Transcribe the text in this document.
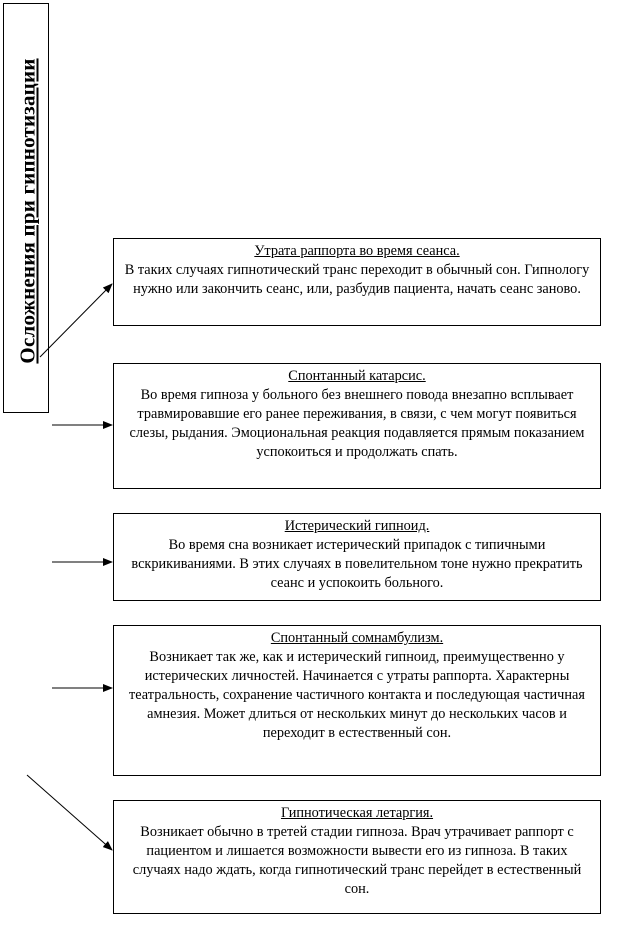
Осложнения при гипнотизации	Утрата раппорта во время сеанса.
В таких случаях гипнотический транс переходит в обычный сон. Гипнологу нужно или закончить сеанс, или, разбудив пациента, начать сеанс заново.
Спонтанный катарсис.
Во время гипноза у больного без внешнего повода внезапно всплывает травмировавшие его ранее переживания, в связи, с чем могут появиться слезы, рыдания. Эмоциональная реакция подавляется прямым показанием успокоиться и продолжать спать.
Истерический гипноид.
Во время сна возникает истерический припадок с типичными вскрикиваниями. В этих случаях в повелительном тоне нужно прекратить сеанс и успокоить больного.
Спонтанный сомнамбулизм.
Возникает так же, как и истерический гипноид, преимущественно у истерических личностей. Начинается с утраты раппорта. Характерны театральность, сохранение частичного контакта и последующая частичная амнезия. Может длиться от нескольких минут до нескольких часов и переходит в естественный сон.
Гипнотическая летаргия.
Возникает обычно в третей стадии гипноза. Врач утрачивает раппорт с пациентом и лишается возможности вывести его из гипноза. В таких случаях надо ждать, когда гипнотический транс перейдет в естественный сон.
